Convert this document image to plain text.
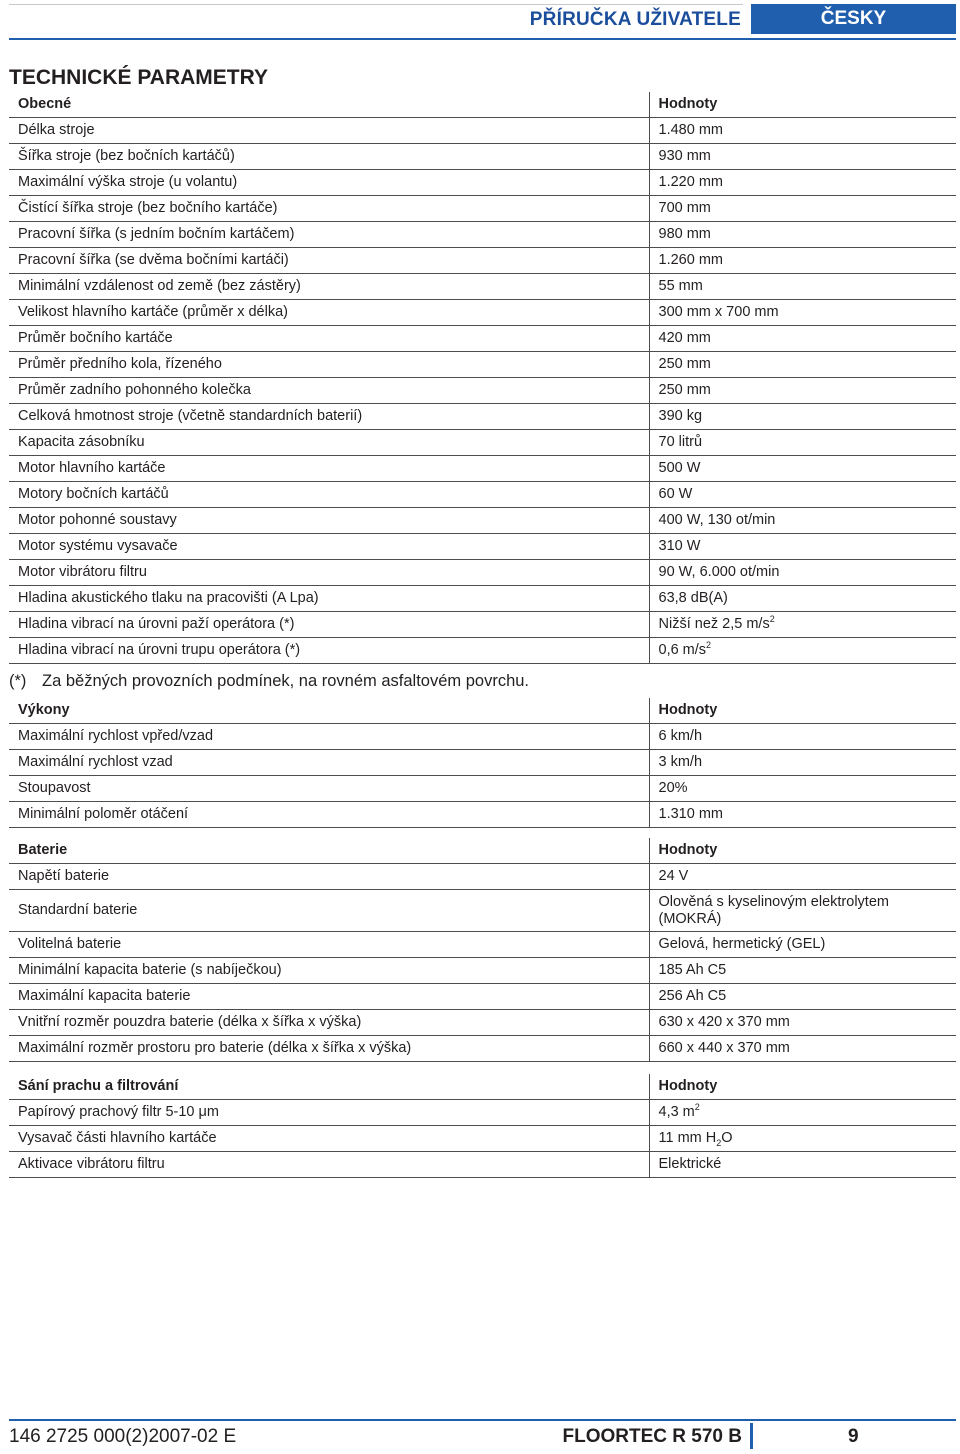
PŘÍRUČKA UŽIVATELE	ČESKY
TECHNICKÉ PARAMETRY
Obecné	Hodnoty
Délka stroje	1.480 mm
Šířka stroje (bez bočních kartáčů)	930 mm
Maximální výška stroje (u volantu)	1.220 mm
Čistící šířka stroje (bez bočního kartáče)	700 mm
Pracovní šířka (s jedním bočním kartáčem)	980 mm
Pracovní šířka (se dvěma bočními kartáči)	1.260 mm
Minimální vzdálenost od země (bez zástěry)	55 mm
Velikost hlavního kartáče (průměr x délka)	300 mm x 700 mm
Průměr bočního kartáče	420 mm
Průměr předního kola, řízeného	250 mm
Průměr zadního pohonného kolečka	250 mm
Celková hmotnost stroje (včetně standardních baterií)	390 kg
Kapacita zásobníku	70 litrů
Motor hlavního kartáče	500 W
Motory bočních kartáčů	60 W
Motor pohonné soustavy	400 W, 130 ot/min
Motor systému vysavače	310 W
Motor vibrátoru filtru	90 W, 6.000 ot/min
Hladina akustického tlaku na pracovišti (A Lpa)	63,8 dB(A)
Hladina vibrací na úrovni paží operátora (*)	Nižší než 2,5 $m/s^2$
Hladina vibrací na úrovni trupu operátora (*)	0,6 $m/s^2$
(*) Za běžných provozních podmínek, na rovném asfaltovém povrchu.
Výkony	Hodnoty
Maximální rychlost vpřed/vzad	6 km/h
Maximální rychlost vzad	3 km/h
Stoupavost	20%
Minimální poloměr otáčení	1.310 mm
Baterie	Hodnoty
Napětí baterie	24 V
Standardní baterie	Olověná s kyselinovým elektrolytem
(MOKRÁ)

Volitelná baterie	Gelová, hermetický (GEL)
Minimální kapacita baterie (s nabíječkou)	185 Ah C5
Maximální kapacita baterie	256 Ah C5
Vnitřní rozměr pouzdra baterie (délka x šířka x výška)	630 x 420 x 370 mm
Maximální rozměr prostoru pro baterie (délka x šířka x výška)	660 x 440 x 370 mm
Sání prachu a filtrování	Hodnoty
Papírový prachový filtr 5-10 μm	4,3 $m^2$
Vysavač části hlavního kartáče	11 mm $H_2O$
Aktivace vibrátoru filtru	Elektrické
146 2725 000(2)2007-02 E	FLOORTEC R 570 B	9
